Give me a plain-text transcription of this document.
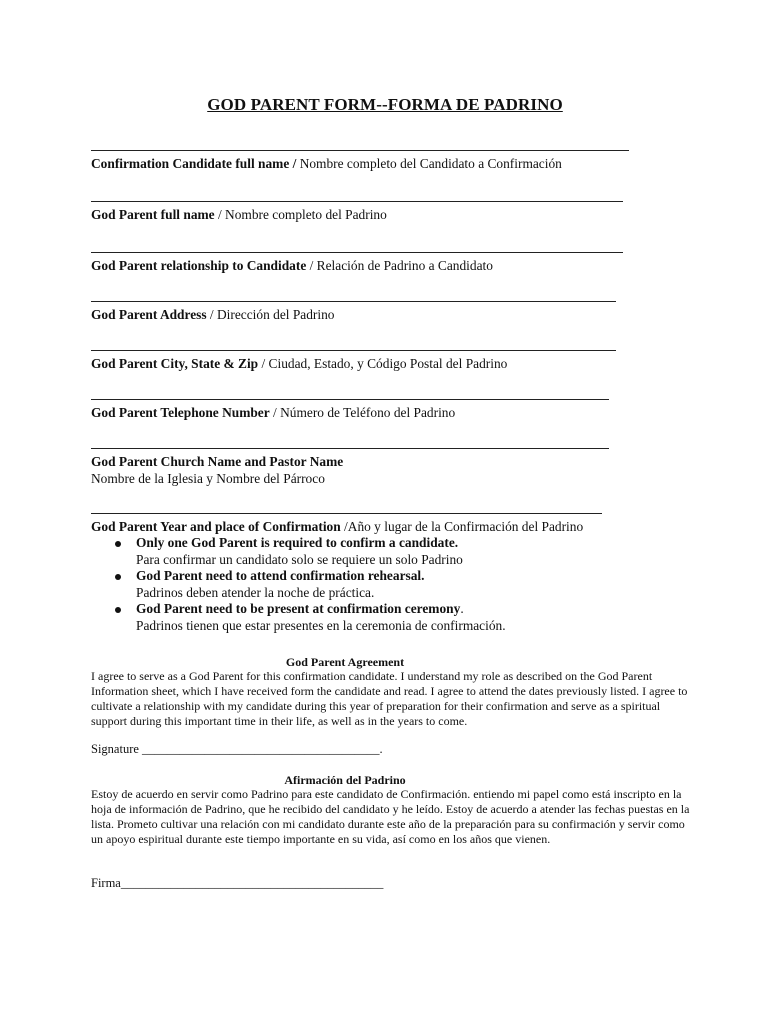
GOD PARENT FORM--FORMA DE PADRINO
Confirmation Candidate full name / Nombre completo del Candidato a Confirmación
God Parent full name / Nombre completo del Padrino
God Parent relationship to Candidate / Relación de Padrino a Candidato
God Parent Address / Dirección del Padrino
God Parent City, State & Zip / Ciudad, Estado, y Código Postal del Padrino
God Parent Telephone Number / Número de Teléfono del Padrino
God Parent Church Name and Pastor Name
Nombre de la Iglesia y Nombre del Párroco
God Parent Year and place of Confirmation /Año y lugar de la Confirmación del Padrino
Only one God Parent is required to confirm a candidate.
Para confirmar un candidato solo se requiere un solo Padrino
God Parent need to attend confirmation rehearsal.
Padrinos deben atender la noche de práctica.
God Parent need to be present at confirmation ceremony.
Padrinos tienen que estar presentes en la ceremonia de confirmación.
God Parent Agreement
I agree to serve as a God Parent for this confirmation candidate. I understand my role as described on the God Parent Information sheet, which I have received form the candidate and read. I agree to attend the dates previously listed. I agree to cultivate a relationship with my candidate during this year of preparation for their confirmation and serve as a spiritual support during this important time in their life, as well as in the years to come.
Signature ______________________________________.
Afirmación del Padrino
Estoy de acuerdo en servir como Padrino para este candidato de Confirmación. entiendo mi papel como está inscripto en la hoja de información de Padrino, que he recibido del candidato y he leído. Estoy de acuerdo a atender las fechas puestas en la lista. Prometo cultivar una relación con mi candidato durante este año de la preparación para su confirmación y servir como un apoyo espiritual durante este tiempo importante en su vida, así como en los años que vienen.
Firma__________________________________________
